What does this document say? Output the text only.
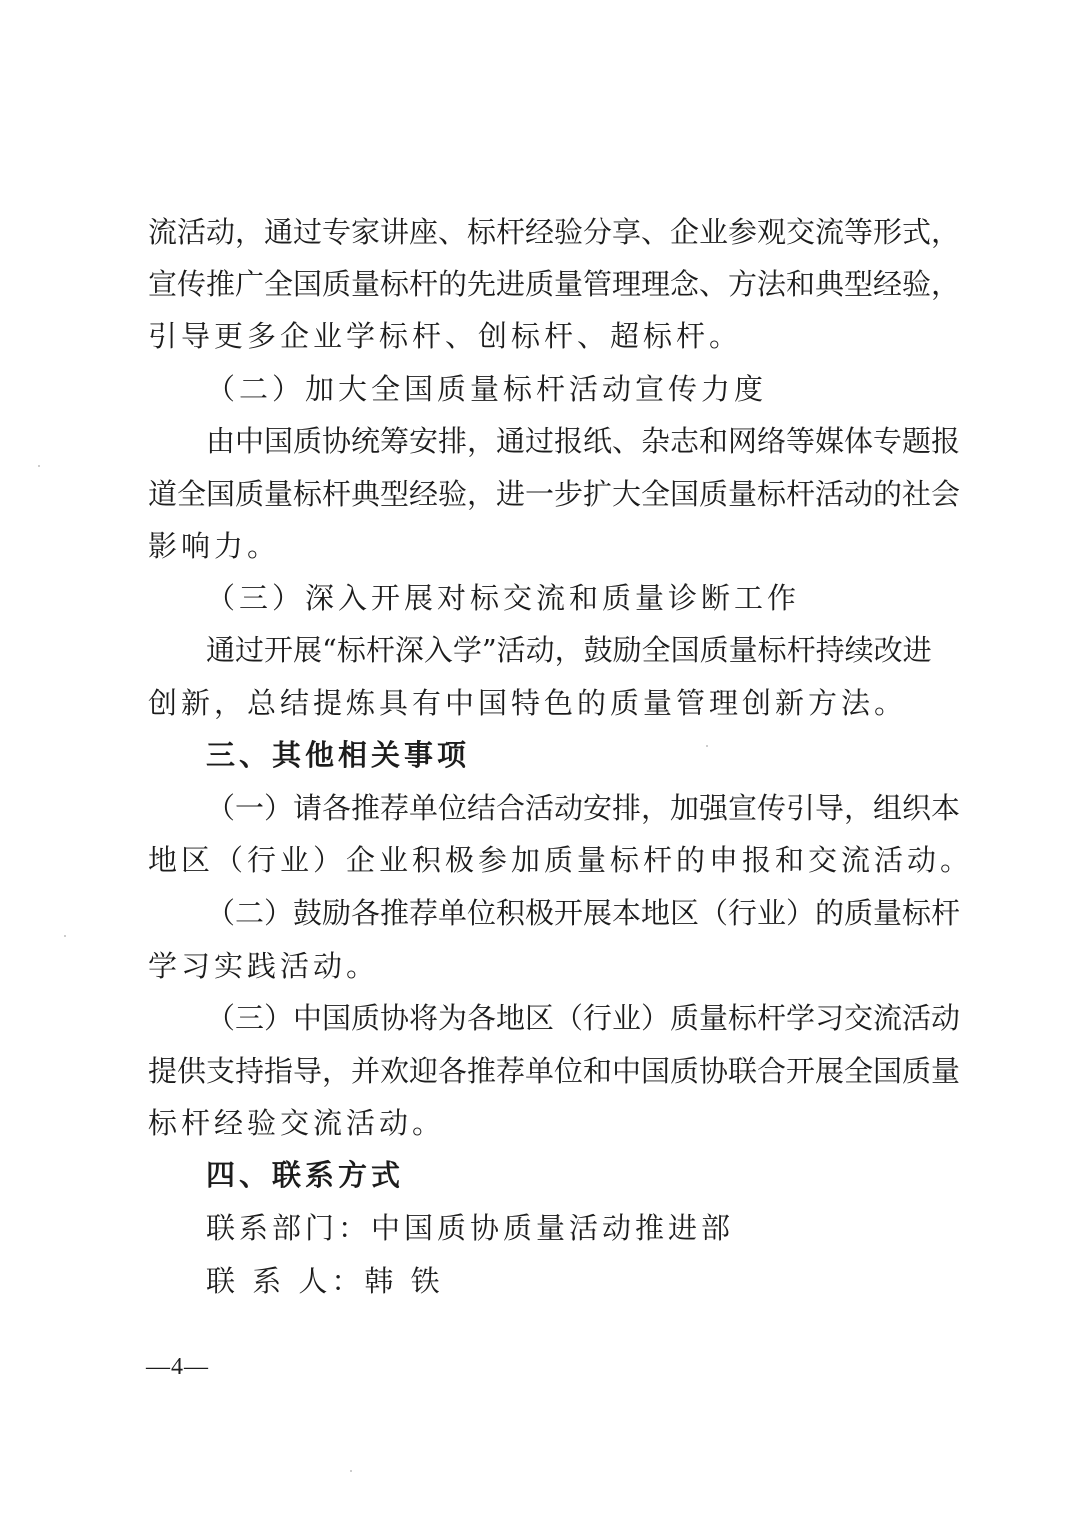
流活动，通过专家讲座、标杆经验分享、企业参观交流等形式，
宣传推广全国质量标杆的先进质量管理理念、方法和典型经验，
引导更多企业学标杆、创标杆、超标杆。
（二）加大全国质量标杆活动宣传力度
由中国质协统筹安排，通过报纸、杂志和网络等媒体专题报
道全国质量标杆典型经验，进一步扩大全国质量标杆活动的社会
影响力。
（三）深入开展对标交流和质量诊断工作
通过开展“标杆深入学”活动，鼓励全国质量标杆持续改进
创新，总结提炼具有中国特色的质量管理创新方法。
三、其他相关事项
（一）请各推荐单位结合活动安排，加强宣传引导，组织本
地区（行业）企业积极参加质量标杆的申报和交流活动。
（二）鼓励各推荐单位积极开展本地区（行业）的质量标杆
学习实践活动。
（三）中国质协将为各地区（行业）质量标杆学习交流活动
提供支持指导，并欢迎各推荐单位和中国质协联合开展全国质量
标杆经验交流活动。
四、联系方式
联系部门：中国质协质量活动推进部
联 系 人：韩 铁
—4—
